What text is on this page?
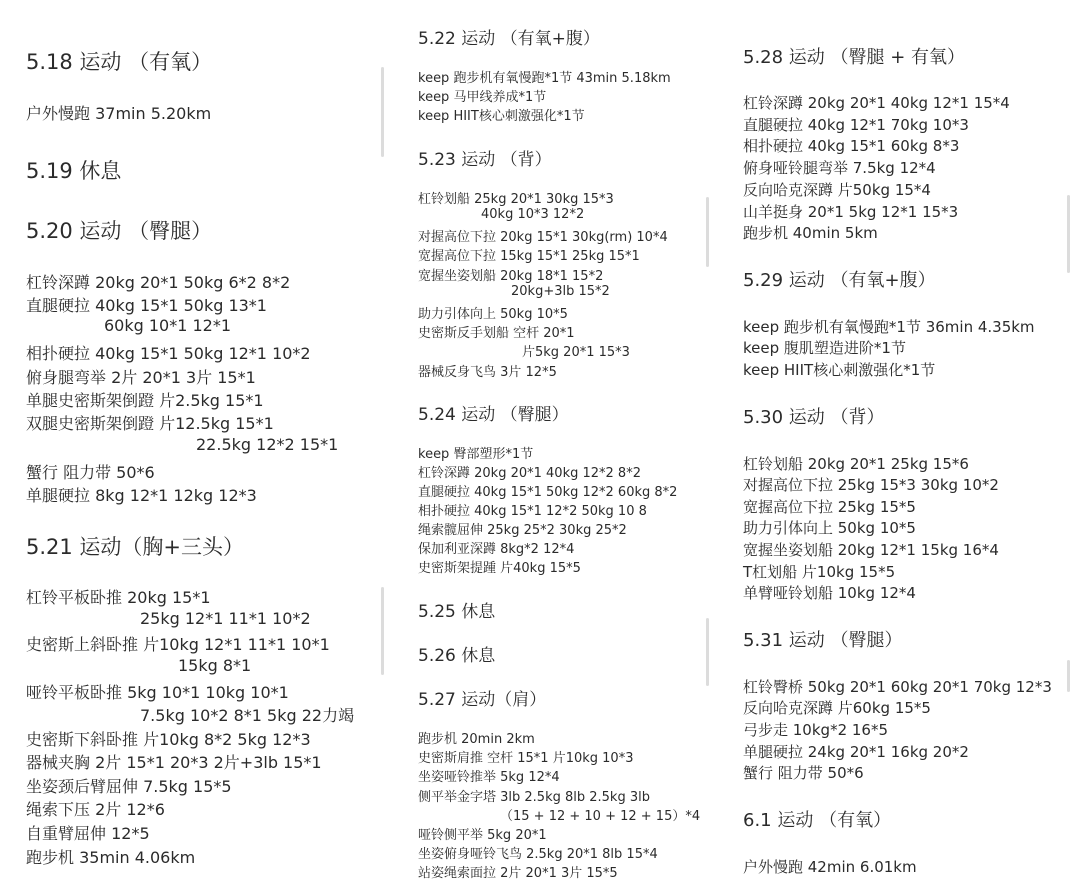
5.18 运动 （有氧）
户外慢跑 37min 5.20km
5.19 休息
5.20 运动 （臀腿）
杠铃深蹲 20kg 20*1 50kg 6*2 8*2
直腿硬拉 40kg 15*1 50kg 13*1
60kg 10*1 12*1
相扑硬拉 40kg 15*1 50kg 12*1 10*2
俯身腿弯举 2片 20*1 3片 15*1
单腿史密斯架倒蹬 片2.5kg 15*1
双腿史密斯架倒蹬 片12.5kg 15*1
22.5kg 12*2 15*1
蟹行 阻力带 50*6
单腿硬拉 8kg 12*1 12kg 12*3
5.21 运动（胸+三头）
杠铃平板卧推 20kg 15*1
25kg 12*1 11*1 10*2
史密斯上斜卧推 片10kg 12*1 11*1 10*1
15kg 8*1
哑铃平板卧推 5kg 10*1 10kg 10*1
7.5kg 10*2 8*1 5kg 22力竭
史密斯下斜卧推 片10kg 8*2 5kg 12*3
器械夹胸 2片 15*1 20*3 2片+3lb 15*1
坐姿颈后臂屈伸 7.5kg 15*5
绳索下压 2片 12*6
自重臂屈伸 12*5
跑步机 35min 4.06km
5.22 运动 （有氧+腹）
keep 跑步机有氧慢跑*1节 43min 5.18km
keep 马甲线养成*1节
keep HIIT核心刺激强化*1节
5.23 运动 （背）
杠铃划船 25kg 20*1 30kg 15*3
40kg 10*3 12*2
对握高位下拉 20kg 15*1 30kg(rm) 10*4
宽握高位下拉 15kg 15*1 25kg 15*1
宽握坐姿划船 20kg 18*1 15*2
20kg+3lb 15*2
助力引体向上 50kg 10*5
史密斯反手划船 空杆 20*1
片5kg 20*1 15*3
器械反身飞鸟 3片 12*5
5.24 运动 （臀腿）
keep 臀部塑形*1节
杠铃深蹲 20kg 20*1 40kg 12*2 8*2
直腿硬拉 40kg 15*1 50kg 12*2 60kg 8*2
相扑硬拉 40kg 15*1 12*2 50kg 10 8
绳索髋屈伸 25kg 25*2 30kg 25*2
保加利亚深蹲 8kg*2 12*4
史密斯架提踵 片40kg 15*5
5.25 休息
5.26 休息
5.27 运动（肩）
跑步机 20min 2km
史密斯肩推 空杆 15*1 片10kg 10*3
坐姿哑铃推举 5kg 12*4
侧平举金字塔 3lb 2.5kg 8lb 2.5kg 3lb
（15 + 12 + 10 + 12 + 15）*4
哑铃侧平举 5kg 20*1
坐姿俯身哑铃飞鸟 2.5kg 20*1 8lb 15*4
站姿绳索面拉 2片 20*1 3片 15*5
5.28 运动 （臀腿 + 有氧）
杠铃深蹲 20kg 20*1 40kg 12*1 15*4
直腿硬拉 40kg 12*1 70kg 10*3
相扑硬拉 40kg 15*1 60kg 8*3
俯身哑铃腿弯举 7.5kg 12*4
反向哈克深蹲 片50kg 15*4
山羊挺身 20*1 5kg 12*1 15*3
跑步机 40min 5km
5.29 运动 （有氧+腹）
keep 跑步机有氧慢跑*1节 36min 4.35km
keep 腹肌塑造进阶*1节
keep HIIT核心刺激强化*1节
5.30 运动 （背）
杠铃划船 20kg 20*1 25kg 15*6
对握高位下拉 25kg 15*3 30kg 10*2
宽握高位下拉 25kg 15*5
助力引体向上 50kg 10*5
宽握坐姿划船 20kg 12*1 15kg 16*4
T杠划船 片10kg 15*5
单臂哑铃划船 10kg 12*4
5.31 运动 （臀腿）
杠铃臀桥 50kg 20*1 60kg 20*1 70kg 12*3
反向哈克深蹲 片60kg 15*5
弓步走 10kg*2 16*5
单腿硬拉 24kg 20*1 16kg 20*2
蟹行 阻力带 50*6
6.1 运动 （有氧）
户外慢跑 42min 6.01km
